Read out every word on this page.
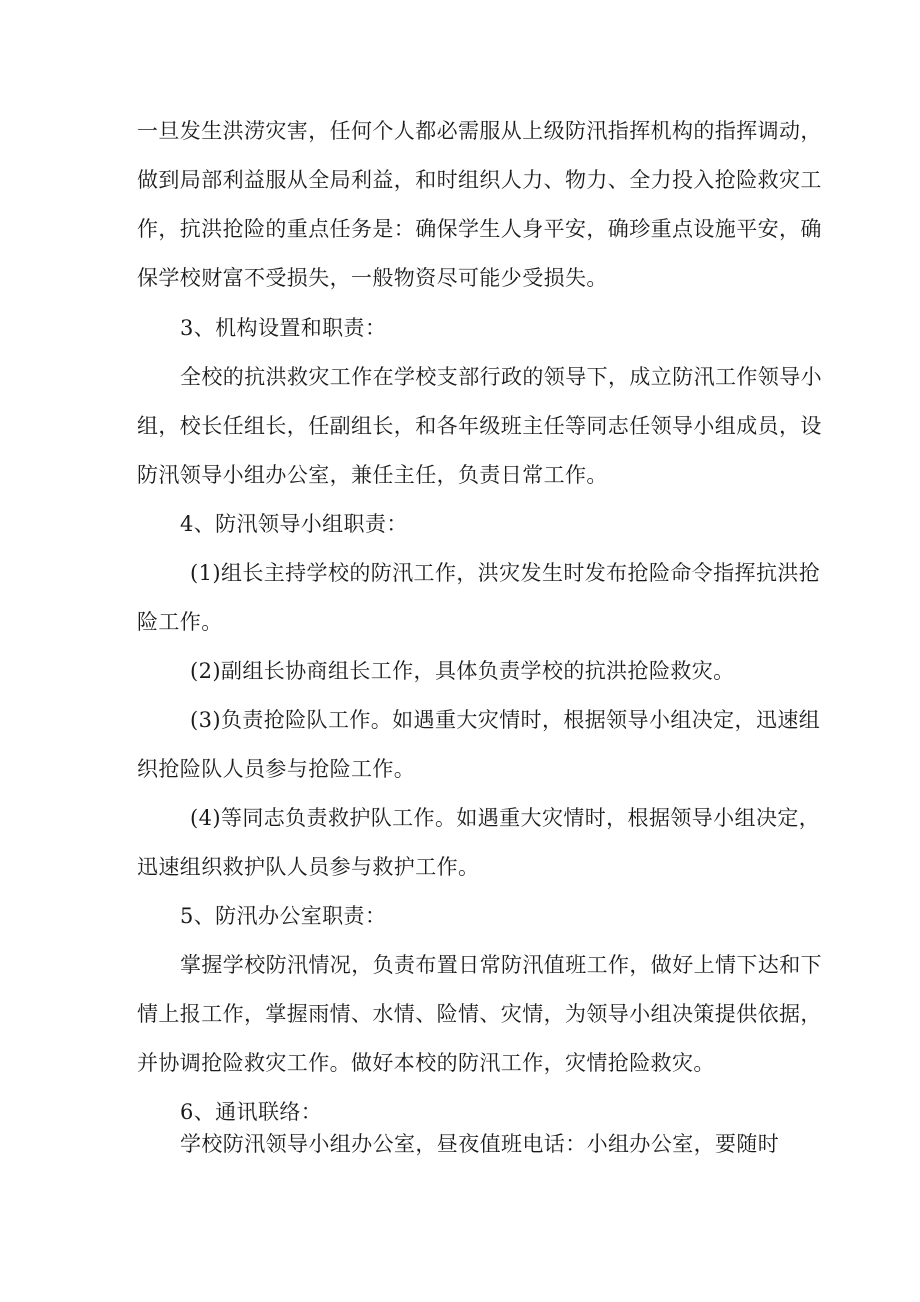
一旦发生洪涝灾害，任何个人都必需服从上级防汛指挥机构的指挥调动，
做到局部利益服从全局利益，和时组织人力、物力、全力投入抢险救灾工
作，抗洪抢险的重点任务是：确保学生人身平安，确珍重点设施平安，确
保学校财富不受损失，一般物资尽可能少受损失。
3、机构设置和职责：
全校的抗洪救灾工作在学校支部行政的领导下，成立防汛工作领导小
组，校长任组长，任副组长，和各年级班主任等同志任领导小组成员，设
防汛领导小组办公室，兼任主任，负责日常工作。
4、防汛领导小组职责：
(1)组长主持学校的防汛工作，洪灾发生时发布抢险命令指挥抗洪抢
险工作。
(2)副组长协商组长工作，具体负责学校的抗洪抢险救灾。
(3)负责抢险队工作。如遇重大灾情时，根据领导小组决定，迅速组
织抢险队人员参与抢险工作。
(4)等同志负责救护队工作。如遇重大灾情时，根据领导小组决定，
迅速组织救护队人员参与救护工作。
5、防汛办公室职责：
掌握学校防汛情况，负责布置日常防汛值班工作，做好上情下达和下
情上报工作，掌握雨情、水情、险情、灾情，为领导小组决策提供依据，
并协调抢险救灾工作。做好本校的防汛工作，灾情抢险救灾。
6、通讯联络：
学校防汛领导小组办公室，昼夜值班电话：小组办公室，要随时
